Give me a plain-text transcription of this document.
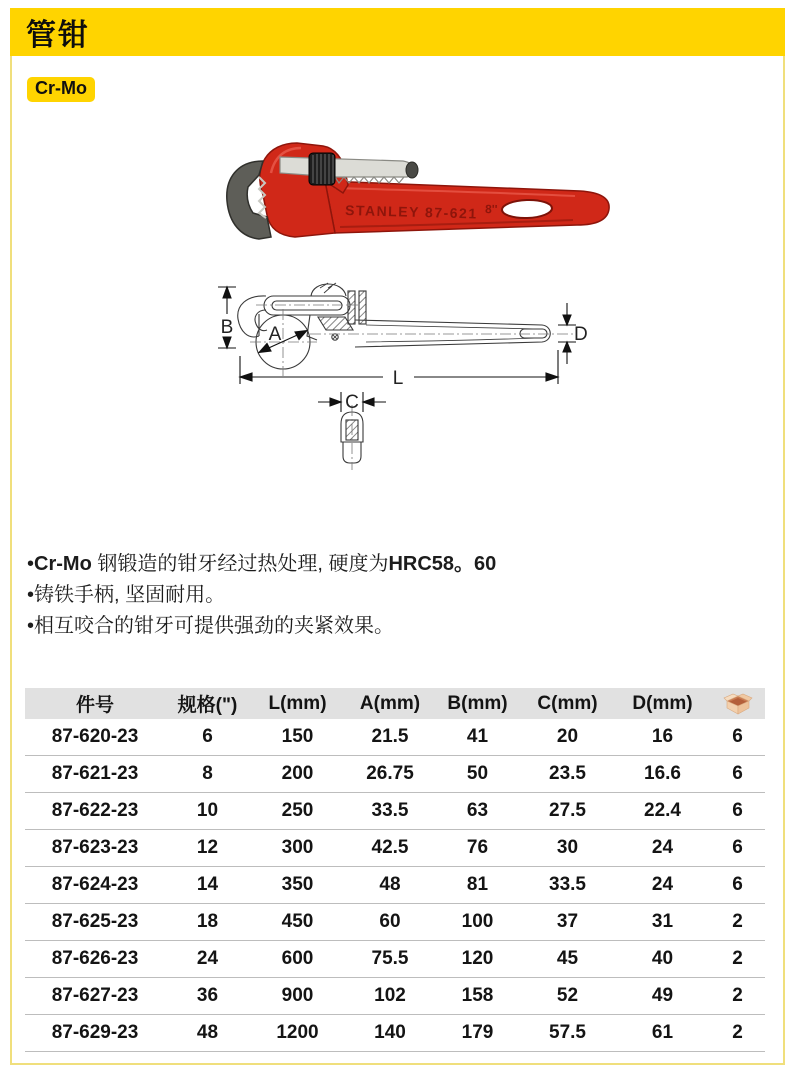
管钳
Cr-Mo
STANLEY 87-621 8''
B A	D
L
C
•Cr-Mo 钢锻造的钳牙经过热处理, 硬度为HRC58。60
•铸铁手柄, 坚固耐用。
•相互咬合的钳牙可提供强劲的夹紧效果。
件号	规格(")	L(mm)	A(mm)	B(mm)	C(mm)	D(mm)	

87-620-23	6	150	21.5	41	20	16	6
87-621-23	8	200	26.75	50	23.5	16.6	6
87-622-23	10	250	33.5	63	27.5	22.4	6
87-623-23	12	300	42.5	76	30	24	6
87-624-23	14	350	48	81	33.5	24	6
87-625-23	18	450	60	100	37	31	2
87-626-23	24	600	75.5	120	45	40	2
87-627-23	36	900	102	158	52	49	2
87-629-23	48	1200	140	179	57.5	61	2
